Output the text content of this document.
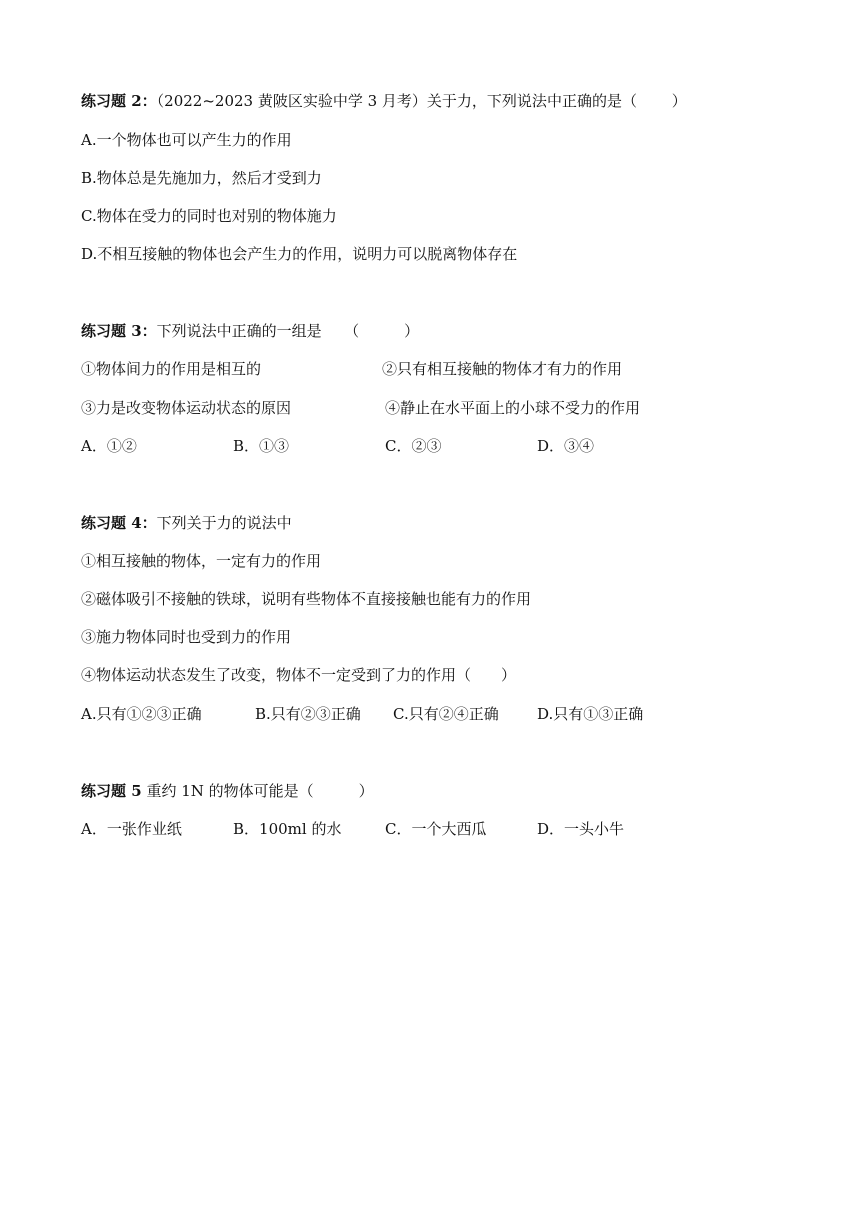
练习题 2：（2022~2023 黄陂区实验中学 3 月考）关于力，下列说法中正确的是（　　 ）
A.一个物体也可以产生力的作用
B.物体总是先施加力，然后才受到力
C.物体在受力的同时也对别的物体施力
D.不相互接触的物体也会产生力的作用，说明力可以脱离物体存在
练习题 3：下列说法中正确的一组是　　（　　　）

①物体间力的作用是相互的

	②只有相互接触的物体才有力的作用

③力是改变物体运动状态的原因

	④静止在水平面上的小球不受力的作用

A．①②

	B．①③

	C．②③

	D．③④

练习题 4：下列关于力的说法中
①相互接触的物体，一定有力的作用
②磁体吸引不接触的铁球，说明有些物体不直接接触也能有力的作用
③施力物体同时也受到力的作用
④物体运动状态发生了改变，物体不一定受到了力的作用（　　）

A.只有①②③正确

	B.只有②③正确

C.只有②④正确

	D.只有①③正确

练习题 5 重约 1N 的物体可能是（　　　）

A．一张作业纸

	B．100ml 的水

	C．一个大西瓜

	D．一头小牛
